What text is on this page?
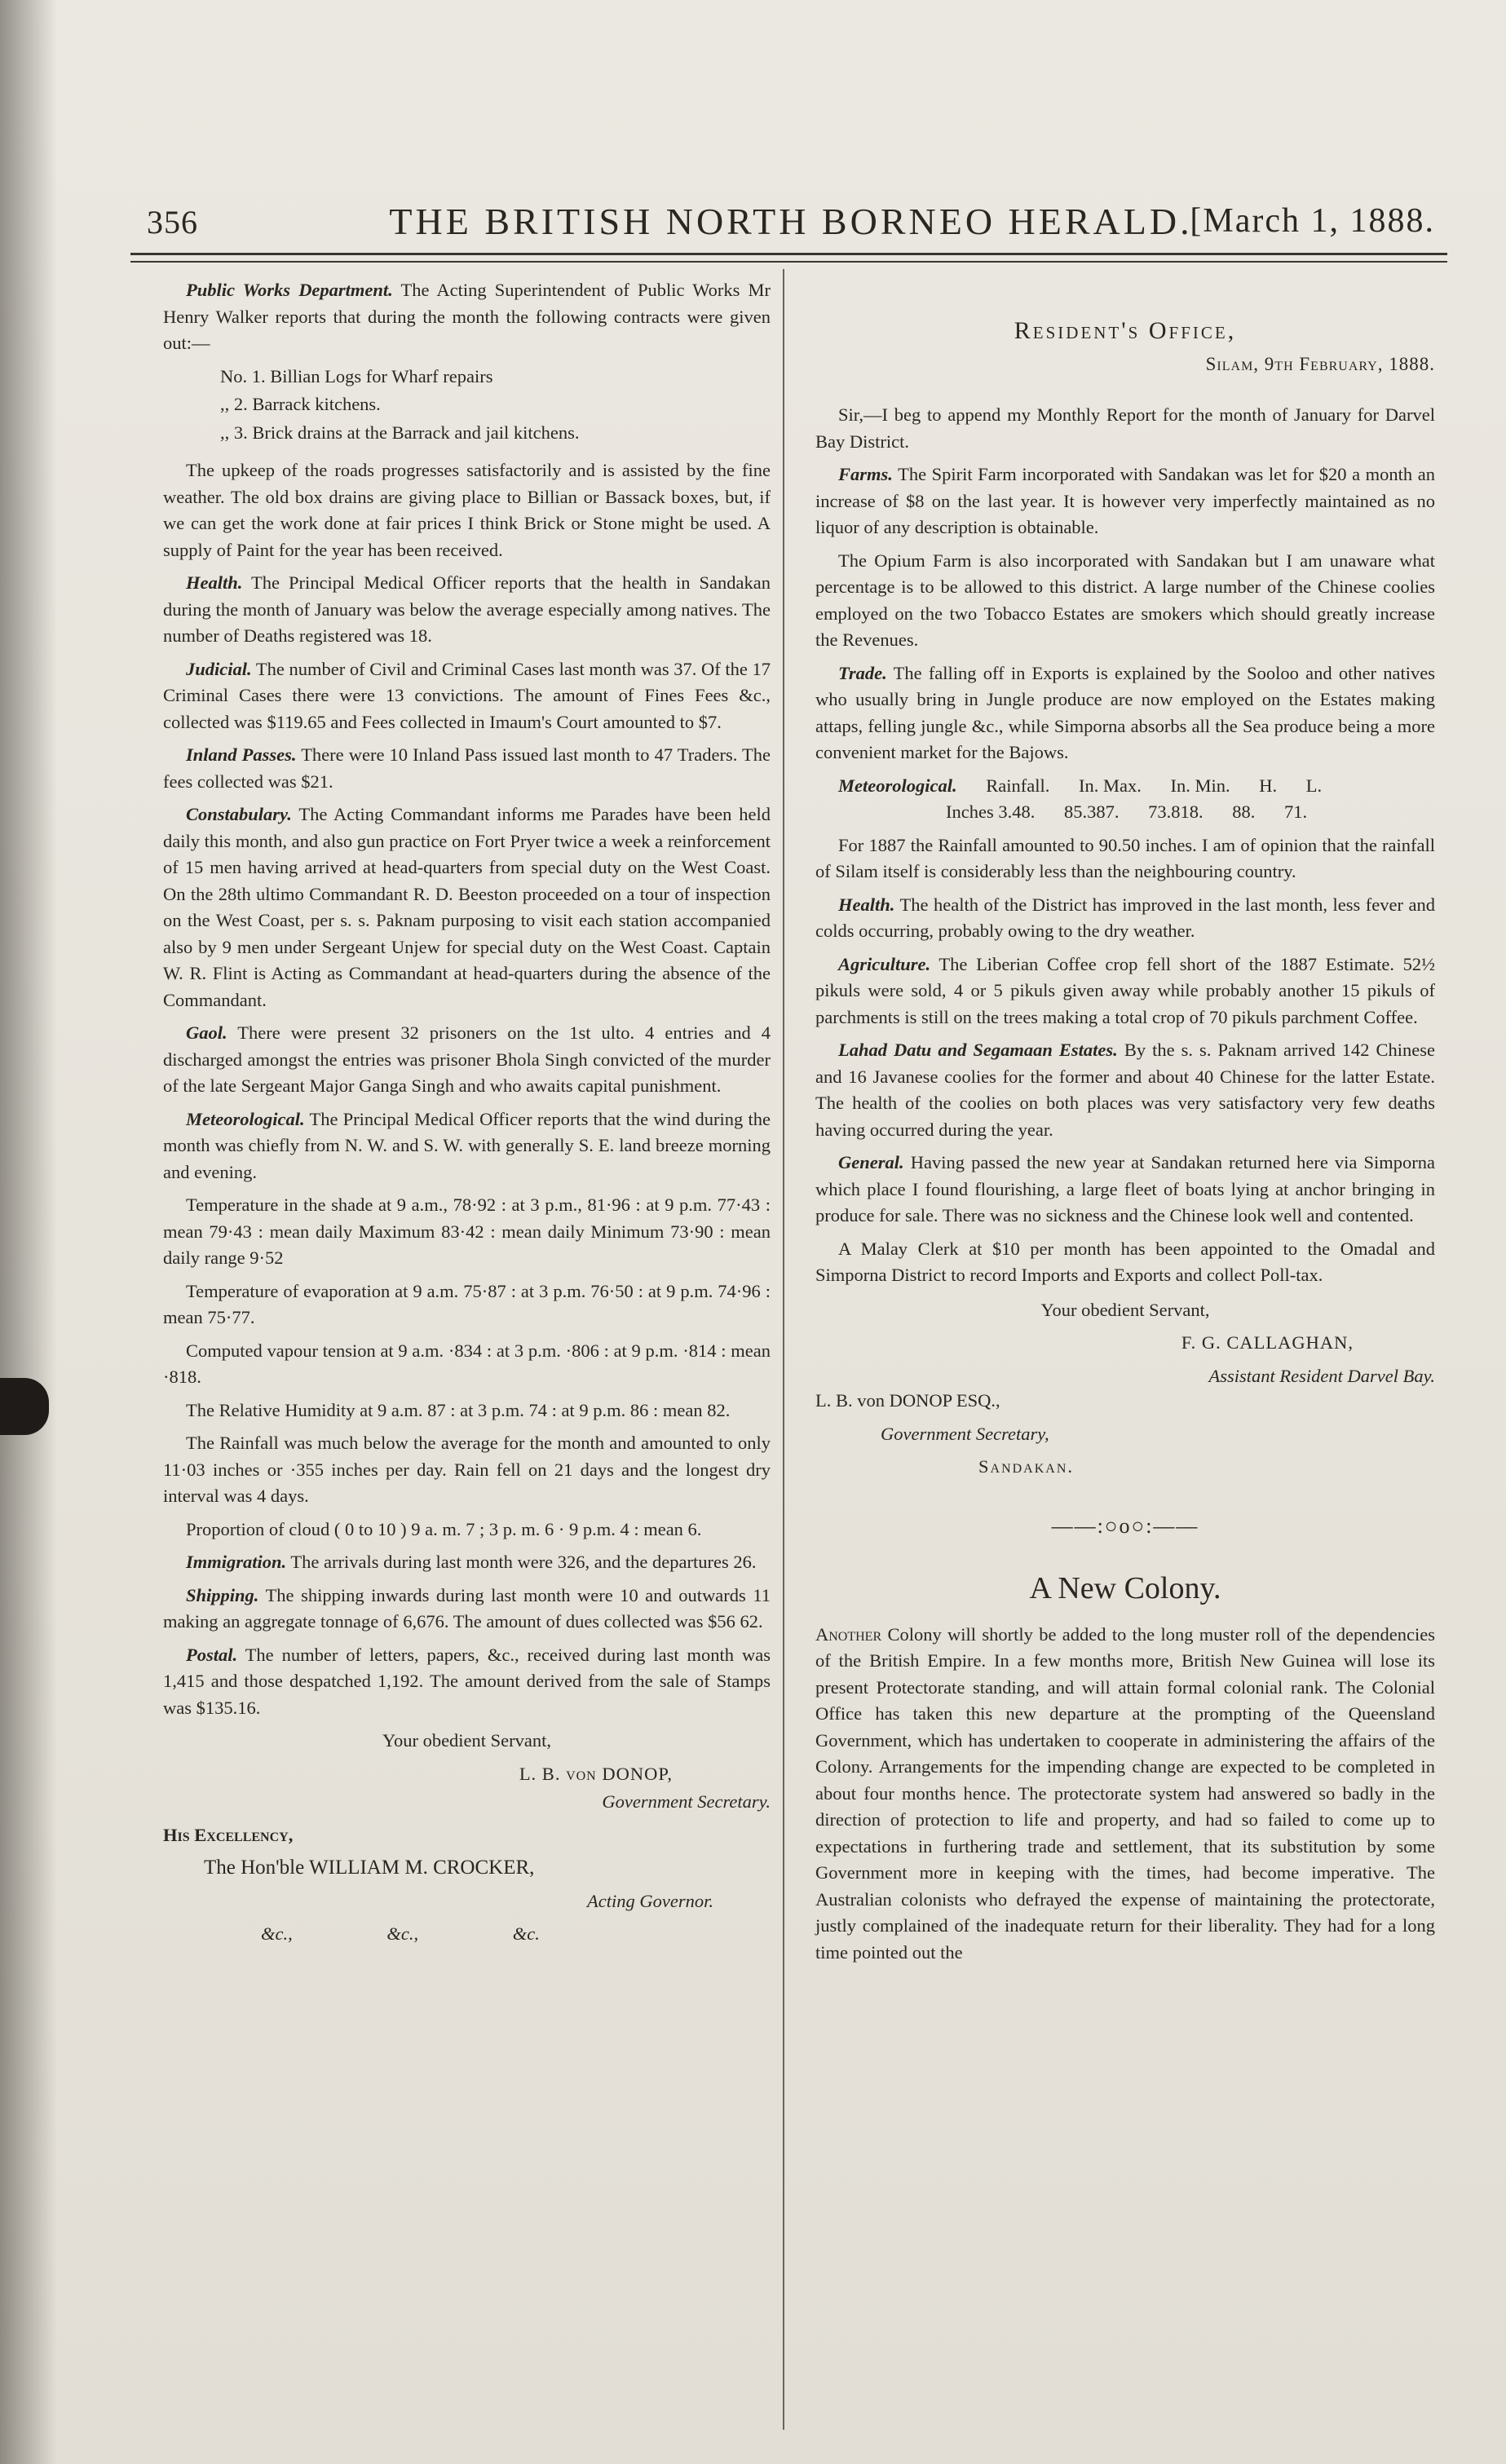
356	THE BRITISH NORTH BORNEO HERALD.
[March 1, 1888.

Public Works Department. The Acting Superintendent of Public Works Mr Henry Walker reports that during the month the following contracts were given out:—

No. 1. Billian Logs for Wharf repairs
,, 2. Barrack kitchens.
,, 3. Brick drains at the Barrack and jail kitchens.

The upkeep of the roads progresses satisfactorily and is assisted by the fine weather. The old box drains are giving place to Billian or Bassack boxes, but, if we can get the work done at fair prices I think Brick or Stone might be used. A supply of Paint for the year has been received.

Health. The Principal Medical Officer reports that the health in Sandakan during the month of January was below the average especially among natives. The number of Deaths registered was 18.

Judicial. The number of Civil and Criminal Cases last month was 37. Of the 17 Criminal Cases there were 13 convictions. The amount of Fines Fees &c., collected was $119.65 and Fees collected in Imaum's Court amounted to $7.

Inland Passes. There were 10 Inland Pass issued last month to 47 Traders. The fees collected was $21.

Constabulary. The Acting Commandant informs me Parades have been held daily this month, and also gun practice on Fort Pryer twice a week a reinforcement of 15 men having arrived at head-quarters from special duty on the West Coast. On the 28th ultimo Commandant R. D. Beeston proceeded on a tour of inspection on the West Coast, per s. s. Paknam purposing to visit each station accompanied also by 9 men under Sergeant Unjew for special duty on the West Coast. Captain W. R. Flint is Acting as Commandant at head-quarters during the absence of the Commandant.

Gaol. There were present 32 prisoners on the 1st ulto. 4 entries and 4 discharged amongst the entries was prisoner Bhola Singh convicted of the murder of the late Sergeant Major Ganga Singh and who awaits capital punishment.

Meteorological. The Principal Medical Officer reports that the wind during the month was chiefly from N. W. and S. W. with generally S. E. land breeze morning and evening.

Temperature in the shade at 9 a.m., 78·92 : at 3 p.m., 81·96 : at 9 p.m. 77·43 : mean 79·43 : mean daily Maximum 83·42 : mean daily Minimum 73·90 : mean daily range 9·52

Temperature of evaporation at 9 a.m. 75·87 : at 3 p.m. 76·50 : at 9 p.m. 74·96 : mean 75·77.

Computed vapour tension at 9 a.m. ·834 : at 3 p.m. ·806 : at 9 p.m. ·814 : mean ·818.

The Relative Humidity at 9 a.m. 87 : at 3 p.m. 74 : at 9 p.m. 86 : mean 82.

The Rainfall was much below the average for the month and amounted to only 11·03 inches or ·355 inches per day. Rain fell on 21 days and the longest dry interval was 4 days.

Proportion of cloud ( 0 to 10 ) 9 a. m. 7 ; 3 p. m. 6 · 9 p.m. 4 : mean 6.

Immigration. The arrivals during last month were 326, and the departures 26.

Shipping. The shipping inwards during last month were 10 and outwards 11 making an aggregate tonnage of 6,676. The amount of dues collected was $56 62.

Postal. The number of letters, papers, &c., received during last month was 1,415 and those despatched 1,192. The amount derived from the sale of Stamps was $135.16.

Your obedient Servant,

L. B. von DONOP,

Government Secretary.

His Excellency,

The Hon'ble WILLIAM M. CROCKER,

Acting Governor.

&c., &c., &c.

Resident's Office,
Silam, 9th February, 1888.

Sir,—I beg to append my Monthly Report for the month of January for Darvel Bay District.

Farms. The Spirit Farm incorporated with Sandakan was let for $20 a month an increase of $8 on the last year. It is however very imperfectly maintained as no liquor of any description is obtainable.

The Opium Farm is also incorporated with Sandakan but I am unaware what percentage is to be allowed to this district. A large number of the Chinese coolies employed on the two Tobacco Estates are smokers which should greatly increase the Revenues.

Trade. The falling off in Exports is explained by the Sooloo and other natives who usually bring in Jungle produce are now employed on the Estates making attaps, felling jungle &c., while Simporna absorbs all the Sea produce being a more convenient market for the Bajows.

Meteorological. Rainfall. In. Max. In. Min. H. L.
Inches 3.48. 85.387. 73.818. 88. 71.

For 1887 the Rainfall amounted to 90.50 inches. I am of opinion that the rainfall of Silam itself is considerably less than the neighbouring country.

Health. The health of the District has improved in the last month, less fever and colds occurring, probably owing to the dry weather.

Agriculture. The Liberian Coffee crop fell short of the 1887 Estimate. 52½ pikuls were sold, 4 or 5 pikuls given away while probably another 15 pikuls of parchments is still on the trees making a total crop of 70 pikuls parchment Coffee.

Lahad Datu and Segamaan Estates. By the s. s. Paknam arrived 142 Chinese and 16 Javanese coolies for the former and about 40 Chinese for the latter Estate. The health of the coolies on both places was very satisfactory very few deaths having occurred during the year.

General. Having passed the new year at Sandakan returned here via Simporna which place I found flourishing, a large fleet of boats lying at anchor bringing in produce for sale. There was no sickness and the Chinese look well and contented.

A Malay Clerk at $10 per month has been appointed to the Omadal and Simporna District to record Imports and Exports and collect Poll-tax.

Your obedient Servant,

F. G. CALLAGHAN,

Assistant Resident Darvel Bay.

L. B. von DONOP ESQ.,

Government Secretary,

Sandakan.

——:○o○:——
A New Colony.

Another Colony will shortly be added to the long muster roll of the dependencies of the British Empire. In a few months more, British New Guinea will lose its present Protectorate standing, and will attain formal colonial rank. The Colonial Office has taken this new departure at the prompting of the Queensland Government, which has undertaken to cooperate in administering the affairs of the Colony. Arrangements for the impending change are expected to be completed in about four months hence. The protectorate system had answered so badly in the direction of protection to life and property, and had so failed to come up to expectations in furthering trade and settlement, that its substitution by some Government more in keeping with the times, had become imperative. The Australian colonists who defrayed the expense of maintaining the protectorate, justly complained of the inadequate return for their liberality. They had for a long time pointed out the
